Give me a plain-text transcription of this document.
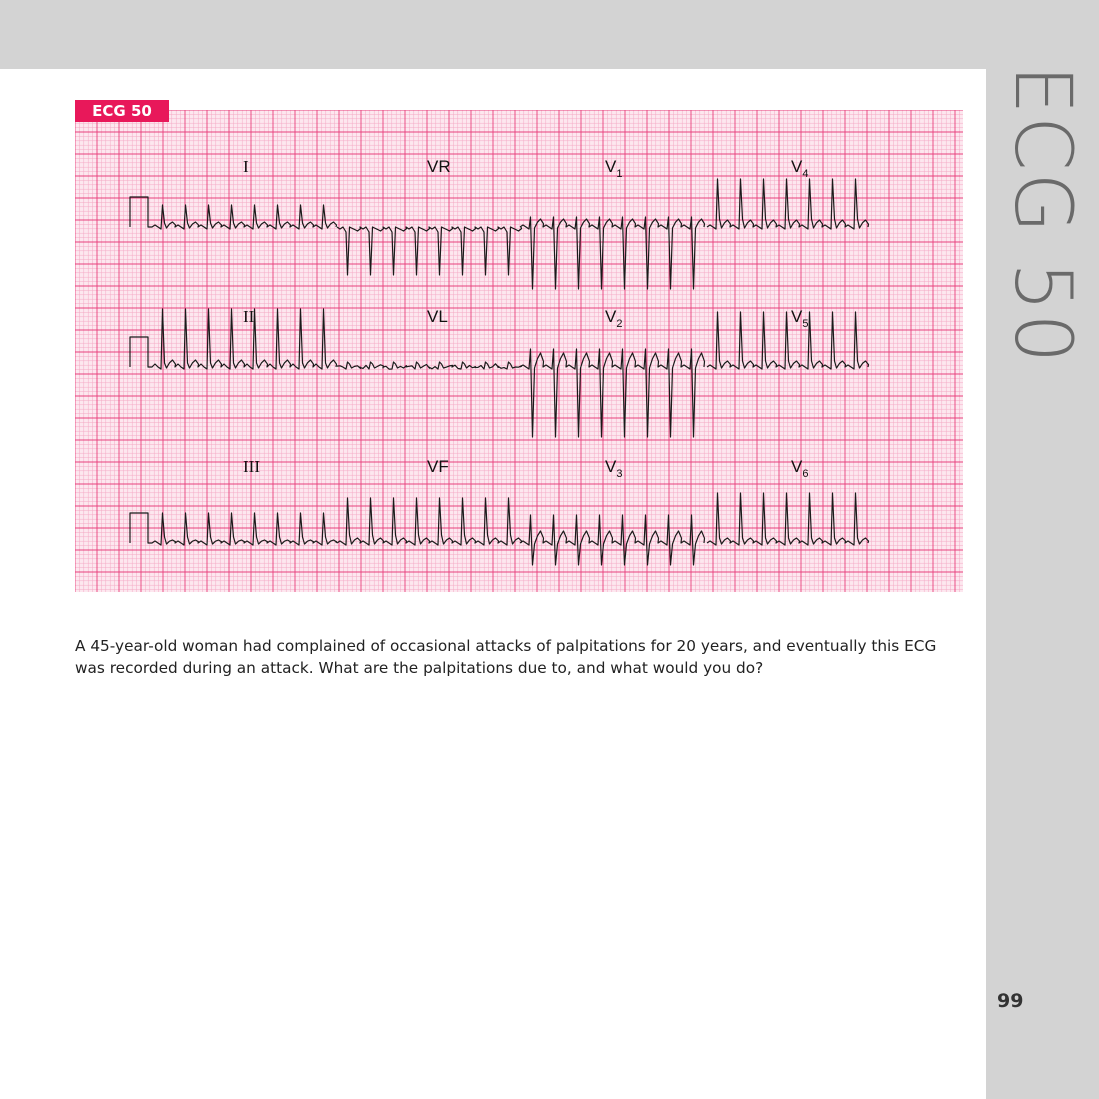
ECG 50
99
I	VR	$V_1$	$V_4$
II	VL	$V_2$	$V_5$
III	VF	$V_3$	$V_6$
ECG 50

A 45-year-old woman had complained of occasional attacks of palpitations for 20 years, and eventually this ECG was recorded during an attack. What are the palpitations due to, and what would you do?
